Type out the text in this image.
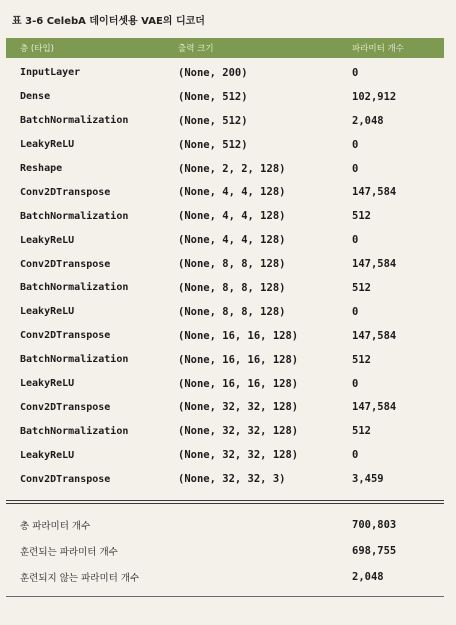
표 3-6 CelebA 데이터셋용 VAE의 디코더
층 (타입)	출력 크기	파라미터 개수
InputLayer	(None, 200)	0
Dense	(None, 512)	102,912
BatchNormalization	(None, 512)	2,048
LeakyReLU	(None, 512)	0
Reshape	(None, 2, 2, 128)	0
Conv2DTranspose	(None, 4, 4, 128)	147,584
BatchNormalization	(None, 4, 4, 128)	512
LeakyReLU	(None, 4, 4, 128)	0
Conv2DTranspose	(None, 8, 8, 128)	147,584
BatchNormalization	(None, 8, 8, 128)	512
LeakyReLU	(None, 8, 8, 128)	0
Conv2DTranspose	(None, 16, 16, 128)	147,584
BatchNormalization	(None, 16, 16, 128)	512
LeakyReLU	(None, 16, 16, 128)	0
Conv2DTranspose	(None, 32, 32, 128)	147,584
BatchNormalization	(None, 32, 32, 128)	512
LeakyReLU	(None, 32, 32, 128)	0
Conv2DTranspose	(None, 32, 32, 3)	3,459
총 파라미터 개수	700,803
훈련되는 파라미터 개수	698,755
훈련되지 않는 파라미터 개수	2,048
